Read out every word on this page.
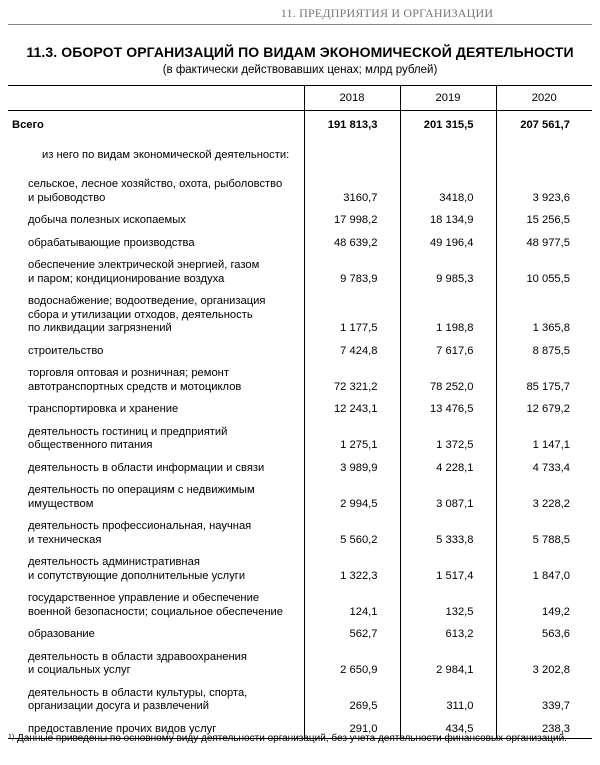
11. ПРЕДПРИЯТИЯ И ОРГАНИЗАЦИИ
11.3. ОБОРОТ ОРГАНИЗАЦИЙ ПО ВИДАМ ЭКОНОМИЧЕСКОЙ ДЕЯТЕЛЬНОСТИ
(в фактически действовавших ценах; млрд рублей)
	2018	2019	2020
Всего	191 813,3	201 315,5	207 561,7
из него по видам экономической деятельности:			

сельское, лесное хозяйство, охота, рыболовство
и рыбоводство	3160,7	3418,0	3 923,6

добыча полезных ископаемых	17 998,2	18 134,9	15 256,5

обрабатывающие производства	48 639,2	49 196,4	48 977,5

обеспечение электрической энергией, газом
и паром; кондиционирование воздуха	9 783,9	9 985,3	10 055,5

водоснабжение; водоотведение, организация
сбора и утилизации отходов, деятельность
по ликвидации загрязнений	1 177,5	1 198,8	1 365,8

строительство	7 424,8	7 617,6	8 875,5

торговля оптовая и розничная; ремонт
автотранспортных средств и мотоциклов	72 321,2	78 252,0	85 175,7

транспортировка и хранение	12 243,1	13 476,5	12 679,2

деятельность гостиниц и предприятий
общественного питания	1 275,1	1 372,5	1 147,1

деятельность в области информации и связи	3 989,9	4 228,1	4 733,4

деятельность по операциям с недвижимым
имуществом	2 994,5	3 087,1	3 228,2

деятельность профессиональная, научная
и техническая	5 560,2	5 333,8	5 788,5

деятельность административная
и сопутствующие дополнительные услуги	1 322,3	1 517,4	1 847,0

государственное управление и обеспечение
военной безопасности; социальное обеспечение	124,1	132,5	149,2

образование	562,7	613,2	563,6

деятельность в области здравоохранения
и социальных услуг	2 650,9	2 984,1	3 202,8

деятельность в области культуры, спорта,
организации досуга и развлечений	269,5	311,0	339,7

предоставление прочих видов услуг	291,0	434,5	238,3
$^{1)}$ Данные приведены по основному виду деятельности организаций, без учета деятельности финансовых организаций.
